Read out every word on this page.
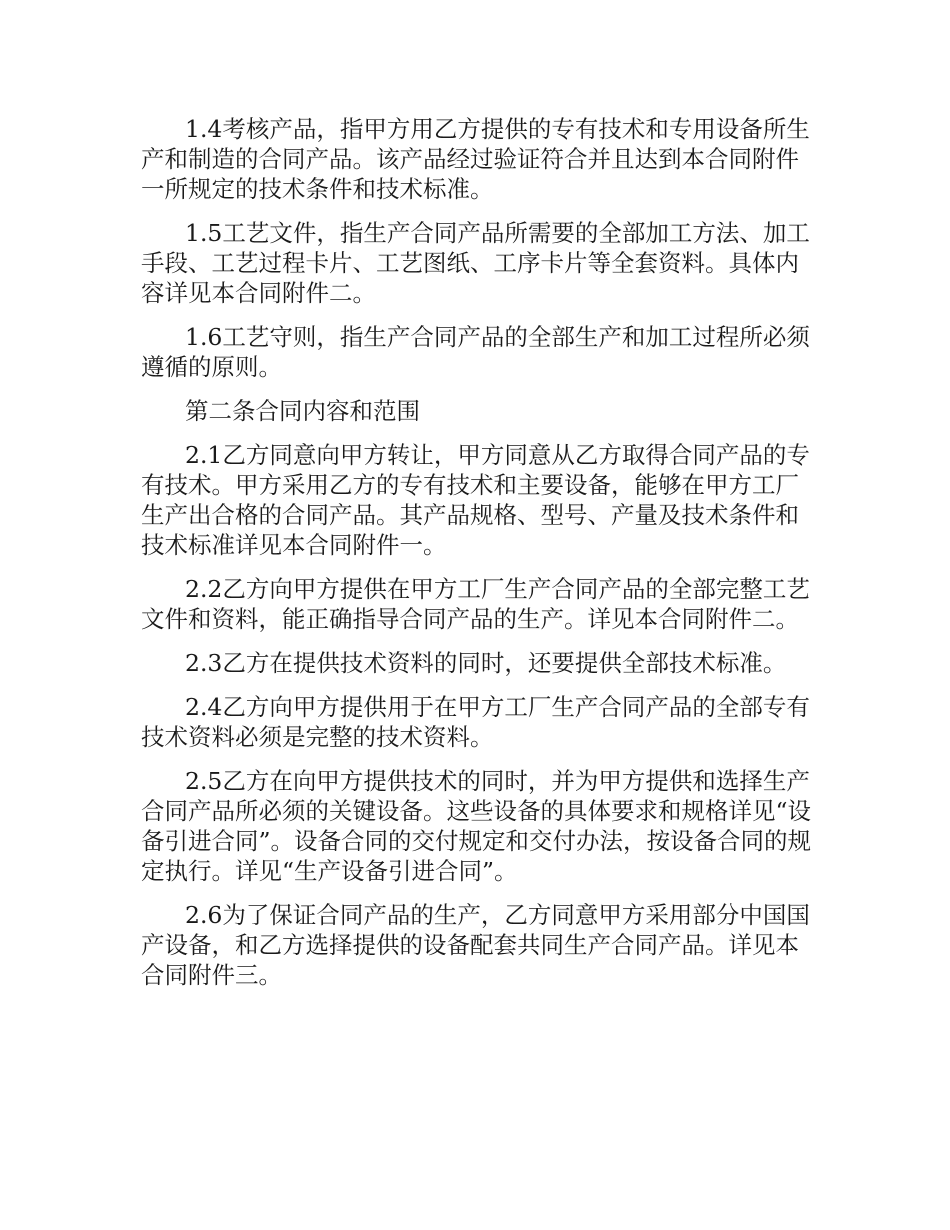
1.4考核产品，指甲方用乙方提供的专有技术和专用设备所生产和制造的合同产品。该产品经过验证符合并且达到本合同附件一所规定的技术条件和技术标准。

1.5工艺文件，指生产合同产品所需要的全部加工方法、加工手段、工艺过程卡片、工艺图纸、工序卡片等全套资料。具体内容详见本合同附件二。

1.6工艺守则，指生产合同产品的全部生产和加工过程所必须遵循的原则。

第二条合同内容和范围

2.1乙方同意向甲方转让，甲方同意从乙方取得合同产品的专有技术。甲方采用乙方的专有技术和主要设备，能够在甲方工厂生产出合格的合同产品。其产品规格、型号、产量及技术条件和技术标准详见本合同附件一。

2.2乙方向甲方提供在甲方工厂生产合同产品的全部完整工艺文件和资料，能正确指导合同产品的生产。详见本合同附件二。

2.3乙方在提供技术资料的同时，还要提供全部技术标准。

2.4乙方向甲方提供用于在甲方工厂生产合同产品的全部专有技术资料必须是完整的技术资料。

2.5乙方在向甲方提供技术的同时，并为甲方提供和选择生产合同产品所必须的关键设备。这些设备的具体要求和规格详见“设备引进合同”。设备合同的交付规定和交付办法，按设备合同的规定执行。详见“生产设备引进合同”。

2.6为了保证合同产品的生产，乙方同意甲方采用部分中国国产设备，和乙方选择提供的设备配套共同生产合同产品。详见本合同附件三。
